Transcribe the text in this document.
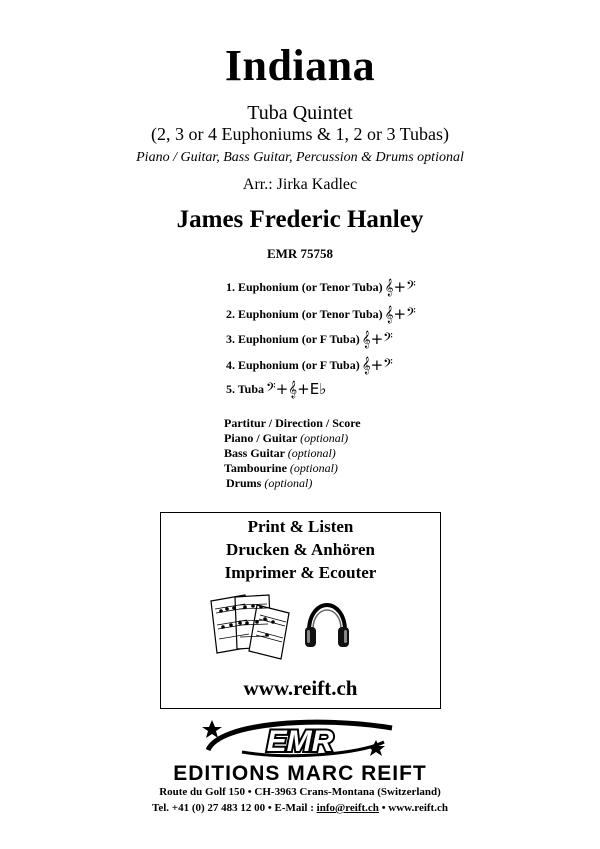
Indiana
Tuba Quintet
(2, 3 or 4 Euphoniums & 1, 2 or 3 Tubas)
Piano / Guitar, Bass Guitar, Percussion & Drums optional
Arr.: Jirka Kadlec
James Frederic Hanley
EMR 75758
1. Euphonium (or Tenor Tuba) 𝄞+𝄢
2. Euphonium (or Tenor Tuba) 𝄞+𝄢
3. Euphonium (or F Tuba) 𝄞+𝄢
4. Euphonium (or F Tuba) 𝄞+𝄢
5. Tuba 𝄢+𝄞+E♭
Partitur / Direction / Score
Piano / Guitar (optional)
Bass Guitar (optional)
Tambourine (optional)
Drums (optional)
Print & Listen
Drucken & Anhören
Imprimer & Ecouter
www.reift.ch
EMR
EDITIONS MARC REIFT
Route du Golf 150 • CH-3963 Crans-Montana (Switzerland)
Tel. +41 (0) 27 483 12 00 • E-Mail : info@reift.ch • www.reift.ch
